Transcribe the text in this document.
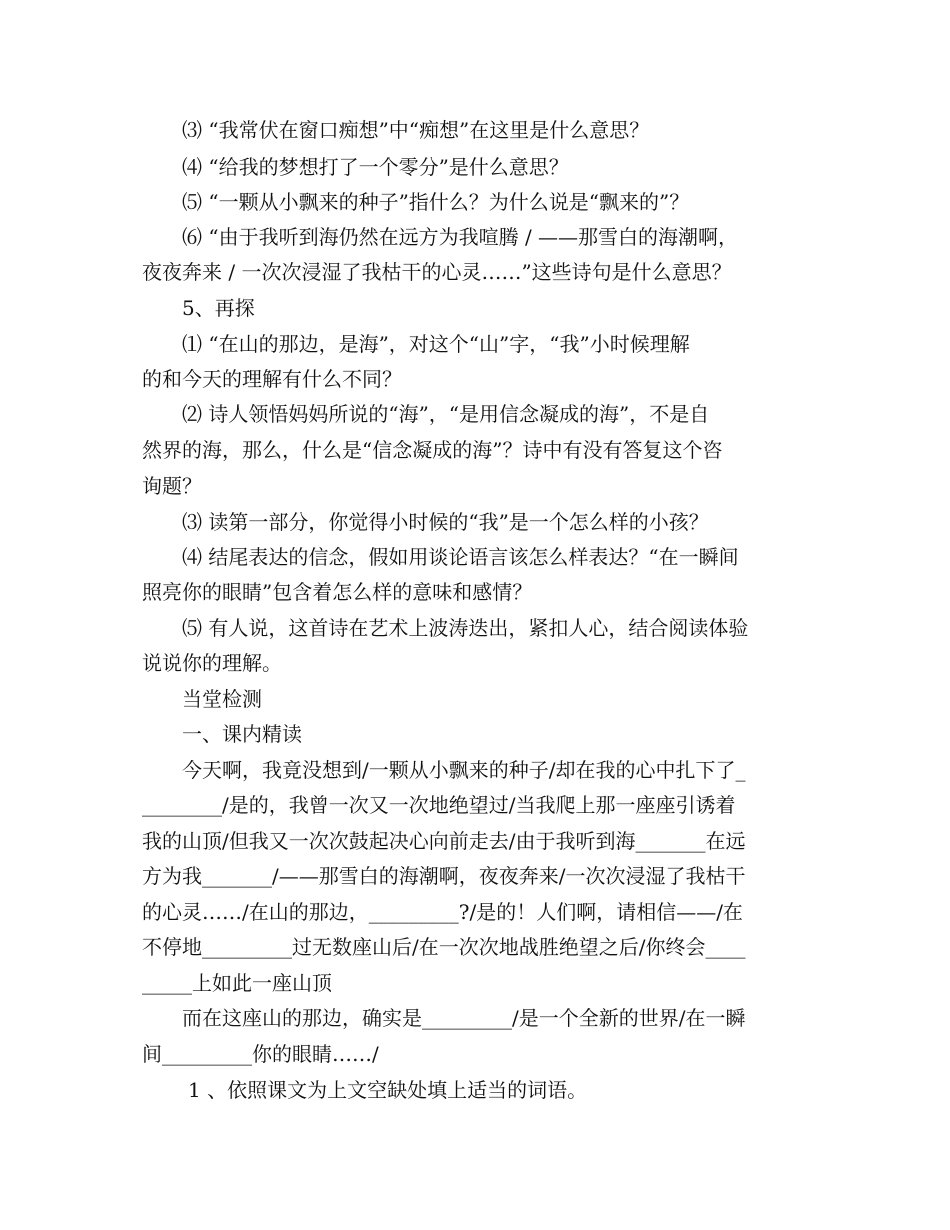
⑶ “我常伏在窗口痴想”中“痴想”在这里是什么意思？
⑷ “给我的梦想打了一个零分”是什么意思？
⑸ “一颗从小飘来的种子”指什么？为什么说是“飘来的”？
⑹ “由于我听到海仍然在远方为我喧腾 / ——那雪白的海潮啊，
夜夜奔来 / 一次次浸湿了我枯干的心灵……”这些诗句是什么意思？
5、再探
⑴ “在山的那边，是海”，对这个“山”字，“我”小时候理解
的和今天的理解有什么不同？
⑵ 诗人领悟妈妈所说的“海”，“是用信念凝成的海”，不是自
然界的海，那么，什么是“信念凝成的海”？诗中有没有答复这个咨
询题？
⑶ 读第一部分，你觉得小时候的“我”是一个怎么样的小孩？
⑷ 结尾表达的信念，假如用谈论语言该怎么样表达？“在一瞬间
照亮你的眼睛”包含着怎么样的意味和感情？
⑸ 有人说，这首诗在艺术上波涛迭出，紧扣人心，结合阅读体验
说说你的理解。
当堂检测
一、课内精读
今天啊，我竟没想到/一颗从小飘来的种子/却在我的心中扎下了_
________/是的，我曾一次又一次地绝望过/当我爬上那一座座引诱着
我的山顶/但我又一次次鼓起决心向前走去/由于我听到海_______在远
方为我_______/——那雪白的海潮啊，夜夜奔来/一次次浸湿了我枯干
的心灵……/在山的那边，_________?/是的！人们啊，请相信——/在
不停地_________过无数座山后/在一次次地战胜绝望之后/你终会____
_____上如此一座山顶
而在这座山的那边，确实是_________/是一个全新的世界/在一瞬
间_________你的眼睛……/
1 、依照课文为上文空缺处填上适当的词语。
